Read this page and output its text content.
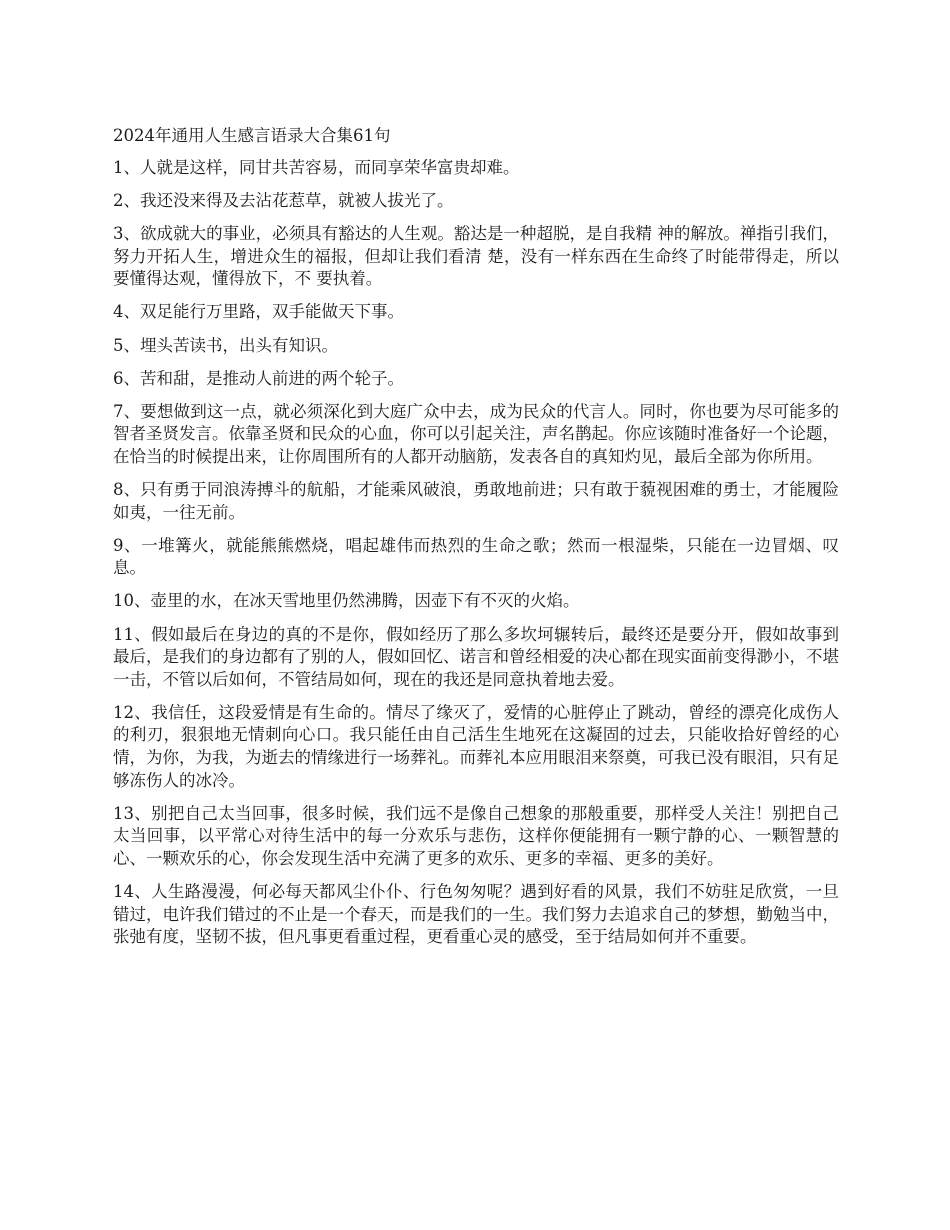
2024年通用人生感言语录大合集61句

1、人就是这样，同甘共苦容易，而同享荣华富贵却难。

2、我还没来得及去沾花惹草，就被人拔光了。

3、欲成就大的事业，必须具有豁达的人生观。豁达是一种超脱，是自我精 神的解放。禅指引我们，努力开拓人生，增进众生的福报，但却让我们看清 楚，没有一样东西在生命终了时能带得走，所以要懂得达观，懂得放下，不 要执着。

4、双足能行万里路，双手能做天下事。

5、埋头苦读书，出头有知识。

6、苦和甜，是推动人前进的两个轮子。

7、要想做到这一点，就必须深化到大庭广众中去，成为民众的代言人。同时，你也要为尽可能多的智者圣贤发言。依靠圣贤和民众的心血，你可以引起关注，声名鹊起。你应该随时准备好一个论题，在恰当的时候提出来，让你周围所有的人都开动脑筋，发表各自的真知灼见，最后全部为你所用。

8、只有勇于同浪涛搏斗的航船，才能乘风破浪，勇敢地前进；只有敢于藐视困难的勇士，才能履险如夷，一往无前。

9、一堆篝火，就能熊熊燃烧，唱起雄伟而热烈的生命之歌；然而一根湿柴，只能在一边冒烟、叹息。

10、壶里的水，在冰天雪地里仍然沸腾，因壶下有不灭的火焰。

11、假如最后在身边的真的不是你，假如经历了那么多坎坷辗转后，最终还是要分开，假如故事到最后，是我们的身边都有了别的人，假如回忆、诺言和曾经相爱的决心都在现实面前变得渺小，不堪一击，不管以后如何，不管结局如何，现在的我还是同意执着地去爱。

12、我信任，这段爱情是有生命的。情尽了缘灭了，爱情的心脏停止了跳动，曾经的漂亮化成伤人的利刃，狠狠地无情刺向心口。我只能任由自己活生生地死在这凝固的过去，只能收拾好曾经的心情，为你，为我，为逝去的情缘进行一场葬礼。而葬礼本应用眼泪来祭奠，可我已没有眼泪，只有足够冻伤人的冰冷。

13、别把自己太当回事，很多时候，我们远不是像自己想象的那般重要，那样受人关注！别把自己太当回事，以平常心对待生活中的每一分欢乐与悲伤，这样你便能拥有一颗宁静的心、一颗智慧的心、一颗欢乐的心，你会发现生活中充满了更多的欢乐、更多的幸福、更多的美好。

14、人生路漫漫，何必每天都风尘仆仆、行色匆匆呢？遇到好看的风景，我们不妨驻足欣赏，一旦错过，电许我们错过的不止是一个春天，而是我们的一生。我们努力去追求自己的梦想，勤勉当中，张弛有度，坚韧不拔，但凡事更看重过程，更看重心灵的感受，至于结局如何并不重要。
